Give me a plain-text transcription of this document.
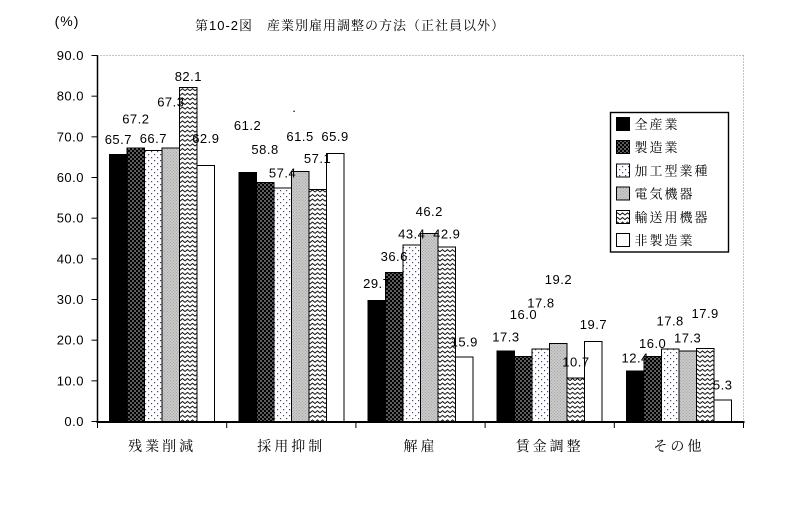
(%)	第10-2図　産業別雇用調整の方法（正社員以外）
0.0
10.0
20.0
30.0
40.0
50.0
60.0
70.0
80.0
90.0
残業削減	採用抑制	解雇	賃金調整	その他
65.7
61.2
29.7
17.3
12.4
67.2
58.8
36.6
16.0
16.0
66.7
57.4
43.4
17.8
17.8
67.3
61.5
46.2
19.2
17.3
82.1
57.1
42.9
10.7
17.9
62.9	65.9
15.9
19.7
5.3
.
全産業
製造業
加工型業種
電気機器
輸送用機器
非製造業
